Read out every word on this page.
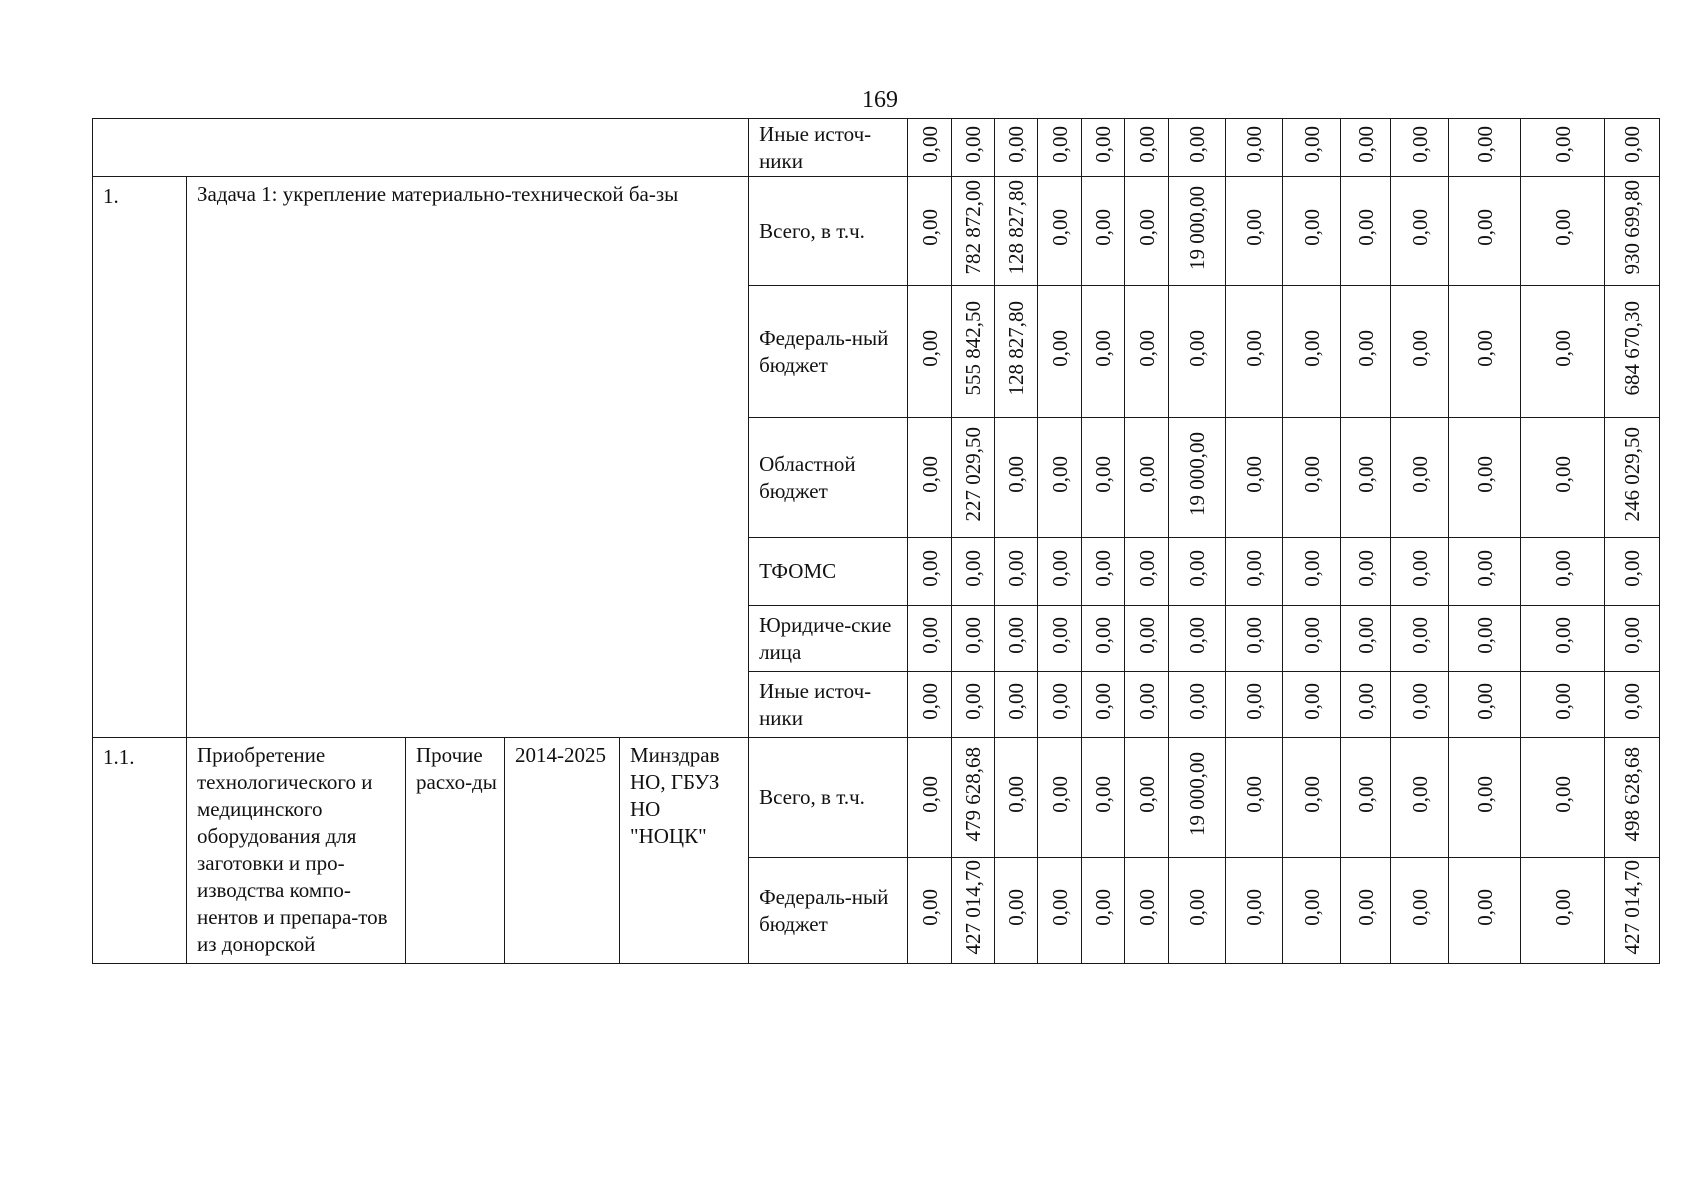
169
					Иные источ-ники	0,00	0,00	0,00	0,00	0,00	0,00	0,00	0,00	0,00	0,00	0,00	0,00	0,00	0,00
1.	Задача 1: укрепление материально-технической ба-зы				Всего, в т.ч.	0,00	782 872,00	128 827,80	0,00	0,00	0,00	19 000,00	0,00	0,00	0,00	0,00	0,00	0,00	930 699,80
					Федераль-ный бюджет	0,00	555 842,50	128 827,80	0,00	0,00	0,00	0,00	0,00	0,00	0,00	0,00	0,00	0,00	684 670,30
					Областной бюджет	0,00	227 029,50	0,00	0,00	0,00	0,00	19 000,00	0,00	0,00	0,00	0,00	0,00	0,00	246 029,50
					ТФОМС	0,00	0,00	0,00	0,00	0,00	0,00	0,00	0,00	0,00	0,00	0,00	0,00	0,00	0,00
					Юридиче-ские лица	0,00	0,00	0,00	0,00	0,00	0,00	0,00	0,00	0,00	0,00	0,00	0,00	0,00	0,00
					Иные источ-ники	0,00	0,00	0,00	0,00	0,00	0,00	0,00	0,00	0,00	0,00	0,00	0,00	0,00	0,00
1.1.	Приобретение технологического и медицинского оборудования для заготовки и про-изводства компо-нентов и препара-тов из донорской	Прочие расхо-ды	2014-2025	Минздрав НО, ГБУЗ НО "НОЦК"	Всего, в т.ч.	0,00	479 628,68	0,00	0,00	0,00	0,00	19 000,00	0,00	0,00	0,00	0,00	0,00	0,00	498 628,68
					Федераль-ный бюджет	0,00	427 014,70	0,00	0,00	0,00	0,00	0,00	0,00	0,00	0,00	0,00	0,00	0,00	427 014,70
